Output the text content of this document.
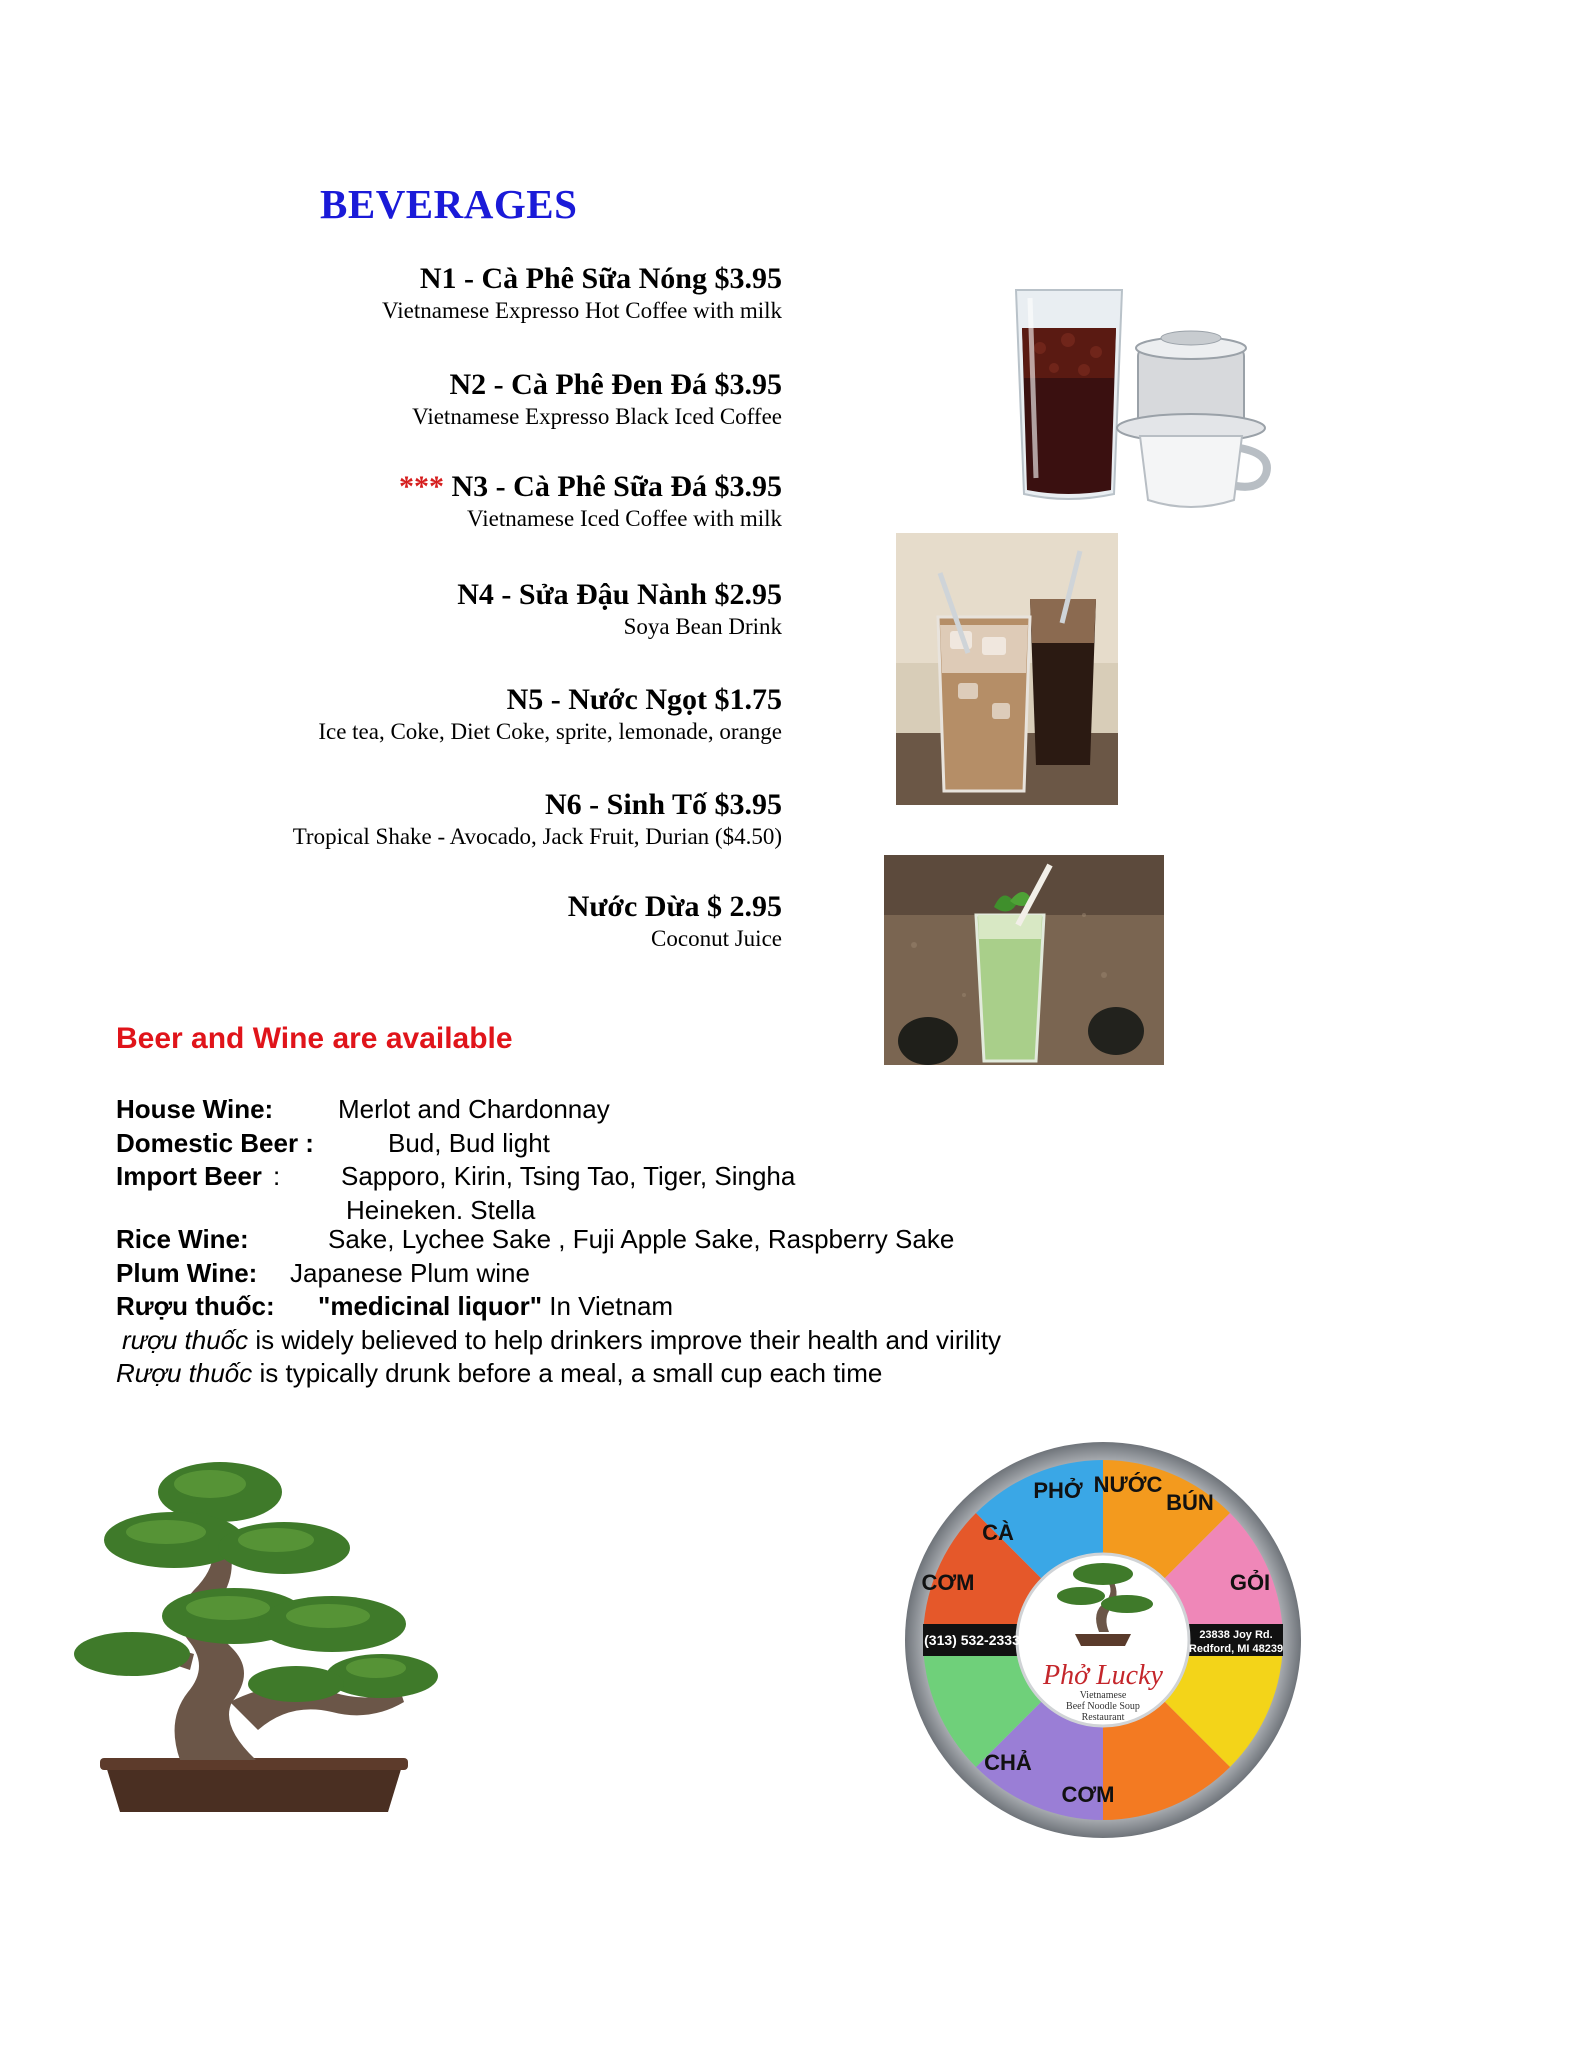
BEVERAGES
N1 - Cà Phê Sữa Nóng $3.95
Vietnamese Expresso Hot Coffee with milk
N2 - Cà Phê Đen Đá $3.95
Vietnamese Expresso Black Iced Coffee
*** N3 - Cà Phê Sữa Đá $3.95
Vietnamese Iced Coffee with milk
N4 - Sửa Đậu Nành $2.95
Soya Bean Drink
N5 - Nước Ngọt $1.75
Ice tea, Coke, Diet Coke, sprite, lemonade, orange
N6 - Sinh Tố $3.95
Tropical Shake - Avocado, Jack Fruit, Durian ($4.50)
Nước Dừa $ 2.95
Coconut Juice
Beer and Wine are available
House Wine: Merlot and Chardonnay
Domestic Beer :	Bud, Bud light
Import Beer : Sapporo, Kirin, Tsing Tao, Tiger, Singha
Heineken. Stella
Rice Wine:	Sake, Lychee Sake , Fuji Apple Sake, Raspberry Sake
Plum Wine: Japanese Plum wine
Rượu thuốc: "medicinal liquor" In Vietnam
rượu thuốc is widely believed to help drinkers improve their health and virility
Rượu thuốc is typically drunk before a meal, a small cup each time
Phở Lucky
Vietnamese
Beef Noodle Soup
Restaurant
(313) 532-2333	23838 Joy Rd.
Redford, MI 48239
PHỞ NƯỚC
BÚN
GỎI
CƠM
CHẢ
CƠM
CÀ
